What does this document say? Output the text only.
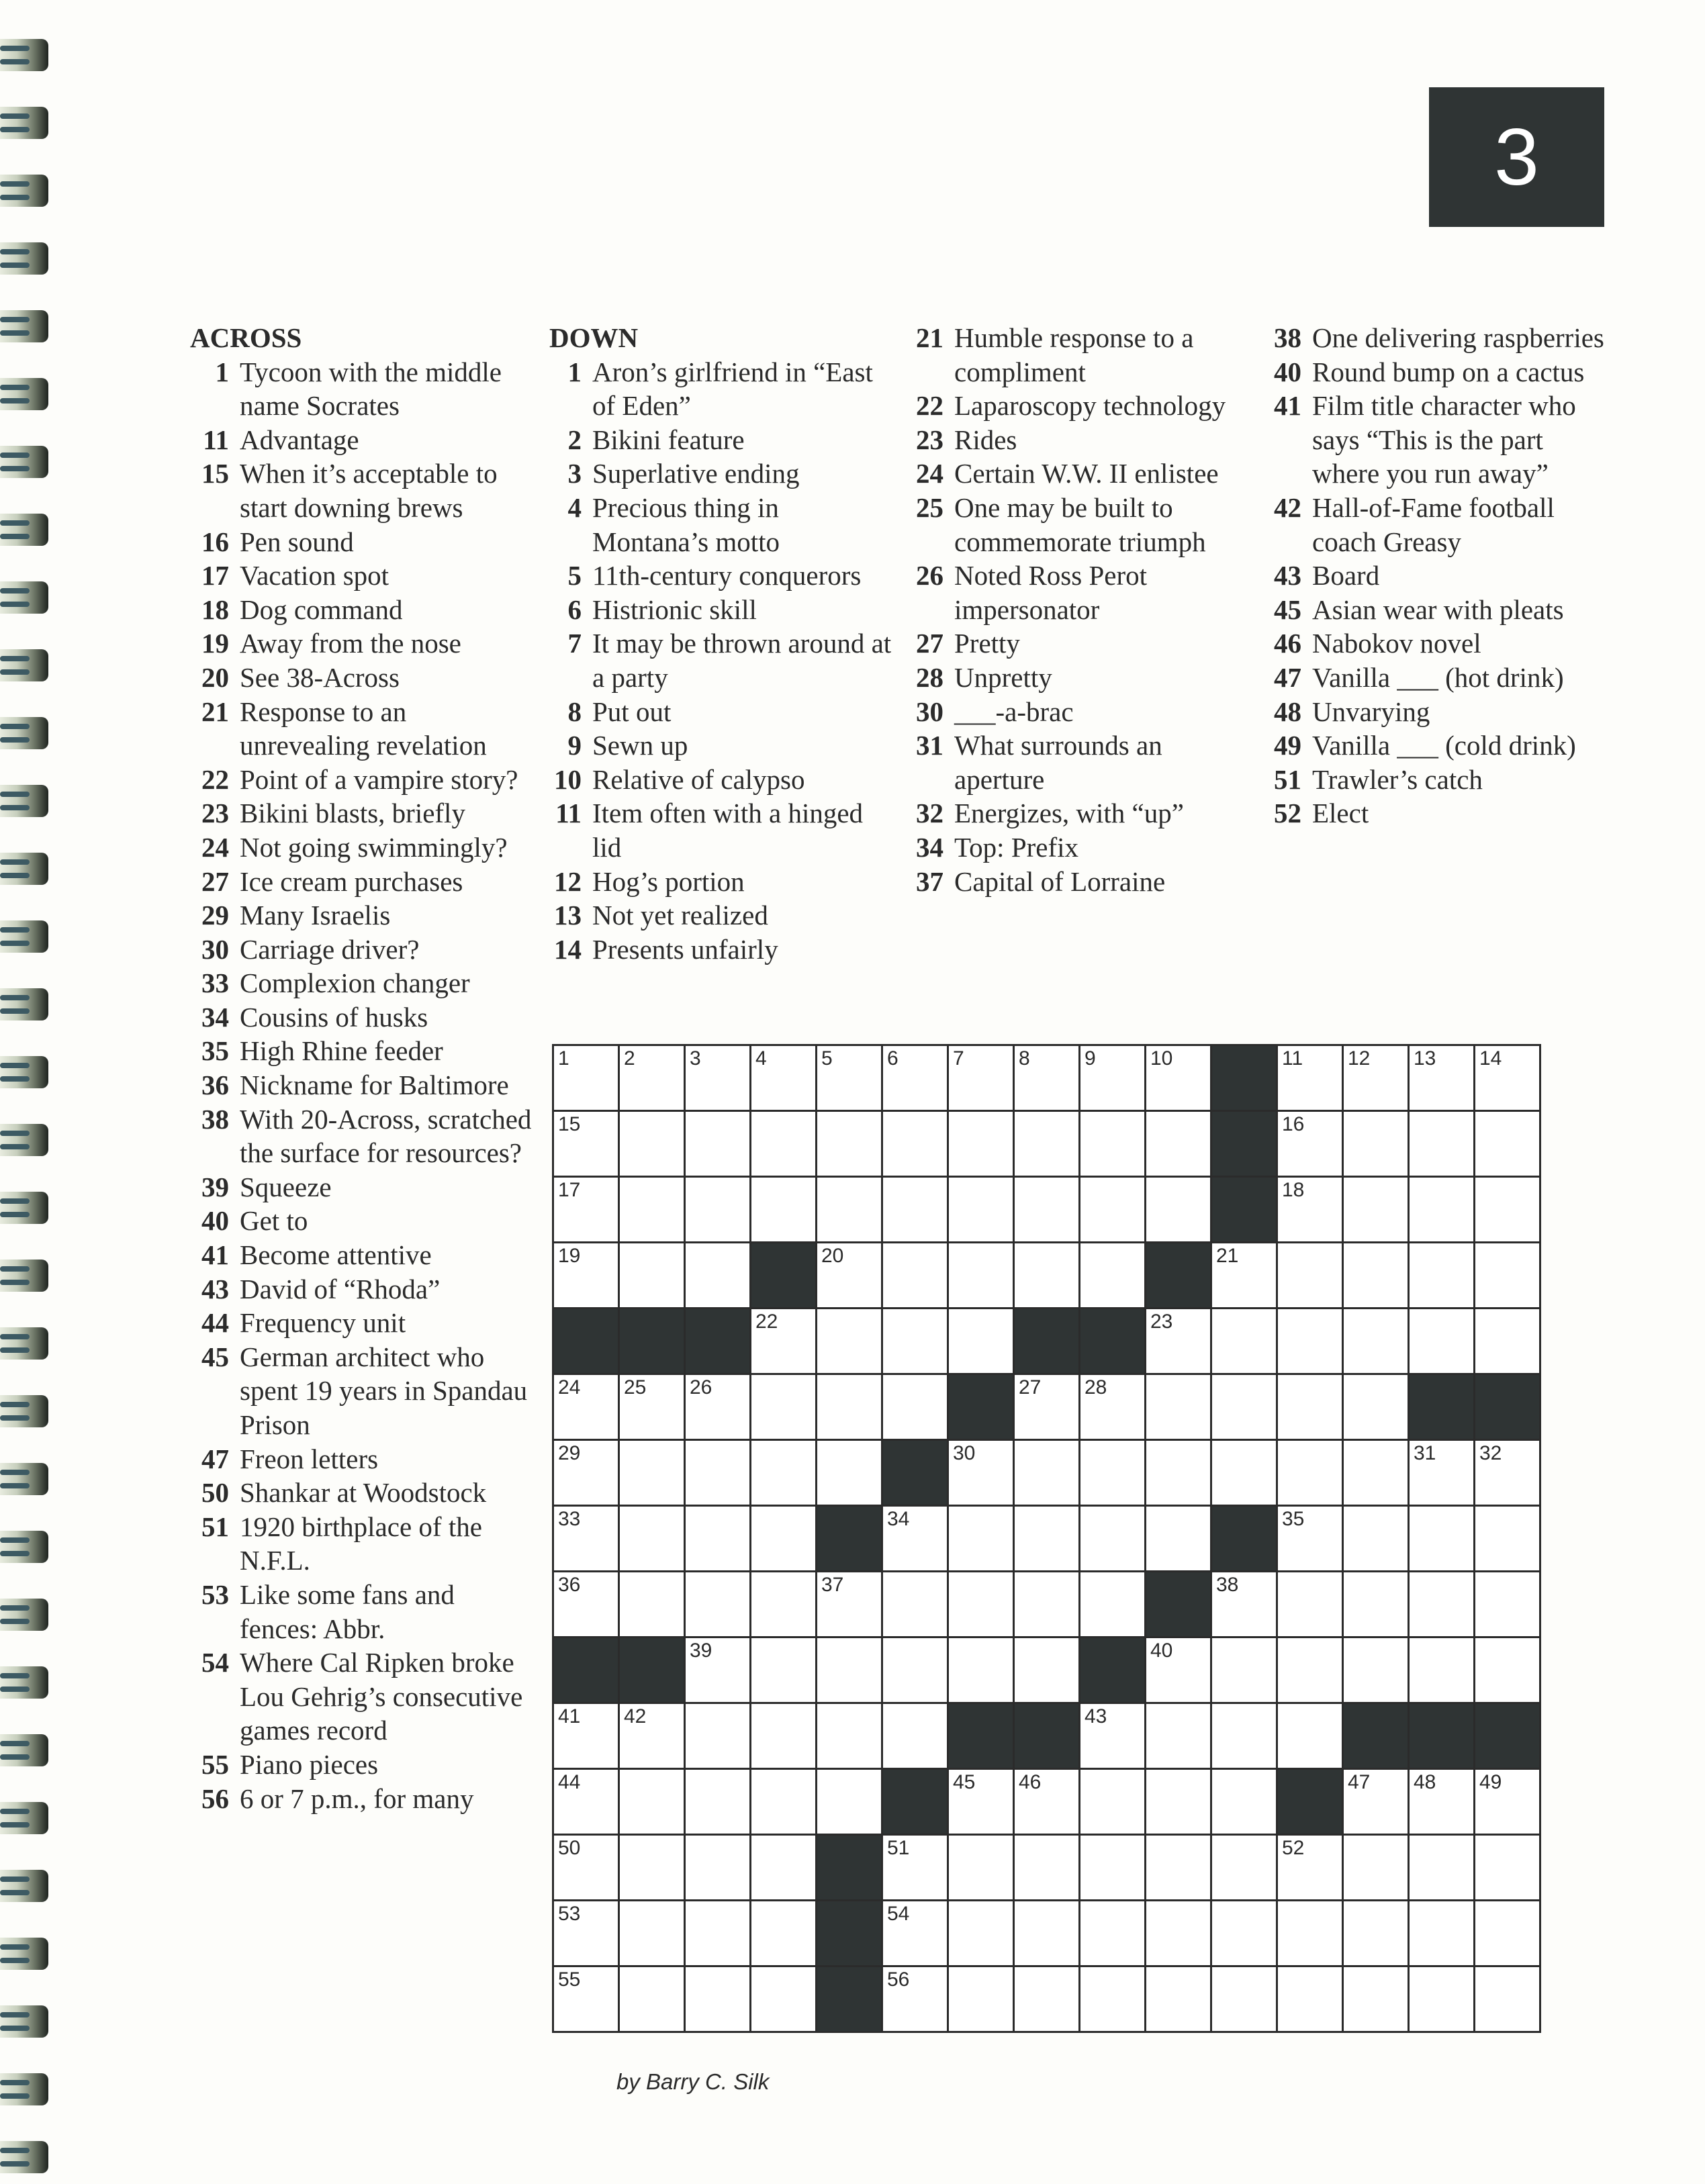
3
ACROSS
1 Tycoon with the middle name Socrates
11 Advantage
15 When it’s acceptable to start downing brews
16 Pen sound
17 Vacation spot
18 Dog command
19 Away from the nose
20 See 38-Across
21 Response to an unrevealing revelation
22 Point of a vampire story?
23 Bikini blasts, briefly
24 Not going swimmingly?
27 Ice cream purchases
29 Many Israelis
30 Carriage driver?
33 Complexion changer
34 Cousins of husks
35 High Rhine feeder
36 Nickname for Baltimore
38 With 20-Across, scratched the surface for resources?
39 Squeeze
40 Get to
41 Become attentive
43 David of “Rhoda”
44 Frequency unit
45 German architect who spent 19 years in Spandau Prison
47 Freon letters
50 Shankar at Woodstock
51 1920 birthplace of the N.F.L.
53 Like some fans and fences: Abbr.
54 Where Cal Ripken broke Lou Gehrig’s consecutive games record
55 Piano pieces
56 6 or 7 p.m., for many
DOWN
1 Aron’s girlfriend in “East of Eden”
2 Bikini feature
3 Superlative ending
4 Precious thing in Montana’s motto
5 11th-century conquerors
6 Histrionic skill
7 It may be thrown around at a party
8 Put out
9 Sewn up
10 Relative of calypso
11 Item often with a hinged lid
12 Hog’s portion
13 Not yet realized
14 Presents unfairly
21 Humble response to a compliment
22 Laparoscopy technology
23 Rides
24 Certain W.W. II enlistee
25 One may be built to commemorate triumph
26 Noted Ross Perot impersonator
27 Pretty
28 Unpretty
30 ___-a-brac
31 What surrounds an aperture
32 Energizes, with “up”
34 Top: Prefix
37 Capital of Lorraine
38 One delivering raspberries
40 Round bump on a cactus
41 Film title character who says “This is the part where you run away”
42 Hall-of-Fame football coach Greasy
43 Board
45 Asian wear with pleats
46 Nabokov novel
47 Vanilla ___ (hot drink)
48 Unvarying
49 Vanilla ___ (cold drink)
51 Trawler’s catch
52 Elect
1	2	3	4	5	6	7	8	9	10	11 12 13 14
15	16
17	18
19	20	21
22	23
24 25 26	27 28
29	30	31 32
33	34	35
36	37	38
39	40
41 42	43
44	45 46	47 48 49
50	51	52
53	54
55	56
by Barry C. Silk
